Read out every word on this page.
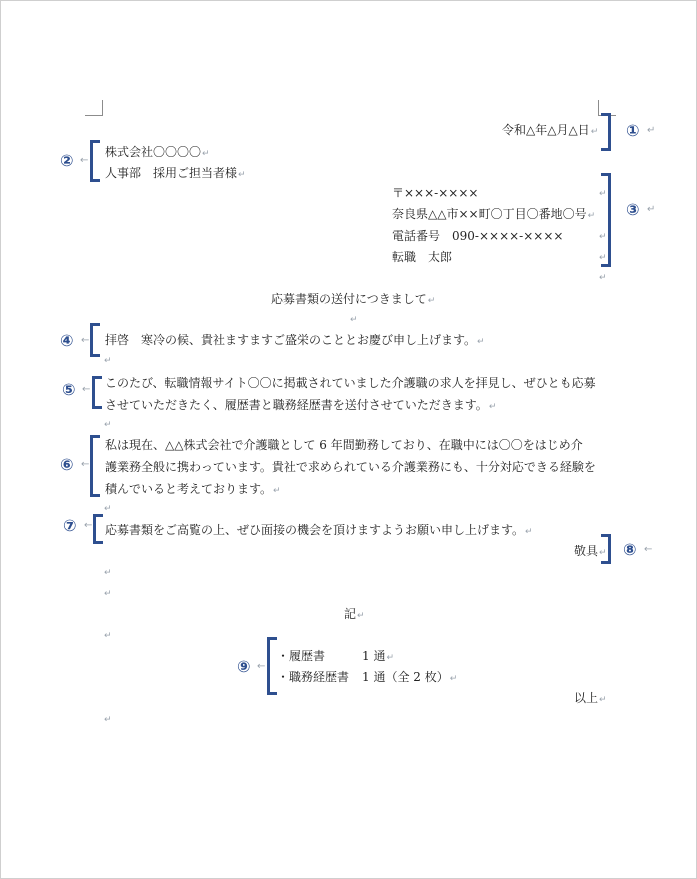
令和△年△月△日↵ ① ↵
② ←
株式会社〇〇〇〇↵
人事部　採用ご担当者様↵
〒×××-××××
奈良県△△市××町〇丁目〇番地〇号↵
電話番号　090-××××-××××
転職　太郎
↵
↵
↵
↵
③ ↵
応募書類の送付につきまして↵
↵
④ ← 拝啓　寒冷の候、貴社ますますご盛栄のこととお慶び申し上げます。↵
↵
⑤ ← このたび、転職情報サイト〇〇に掲載されていました介護職の求人を拝見し、ぜひとも応募
させていただきたく、履歴書と職務経歴書を送付させていただきます。↵
↵
⑥ ←
私は現在、△△株式会社で介護職として 6 年間勤務しており、在職中には〇〇をはじめ介
護業務全般に携わっています。貴社で求められている介護業務にも、十分対応できる経験を
積んでいると考えております。↵
↵
⑦ ← 応募書類をご高覧の上、ぜひ面接の機会を頂けますようお願い申し上げます。↵
敬具↵ ⑧ ←
↵
↵
記↵
↵
⑨ ←
・履歴書	1 通↵
・職務経歴書 1 通（全 2 枚）↵
以上↵
↵
